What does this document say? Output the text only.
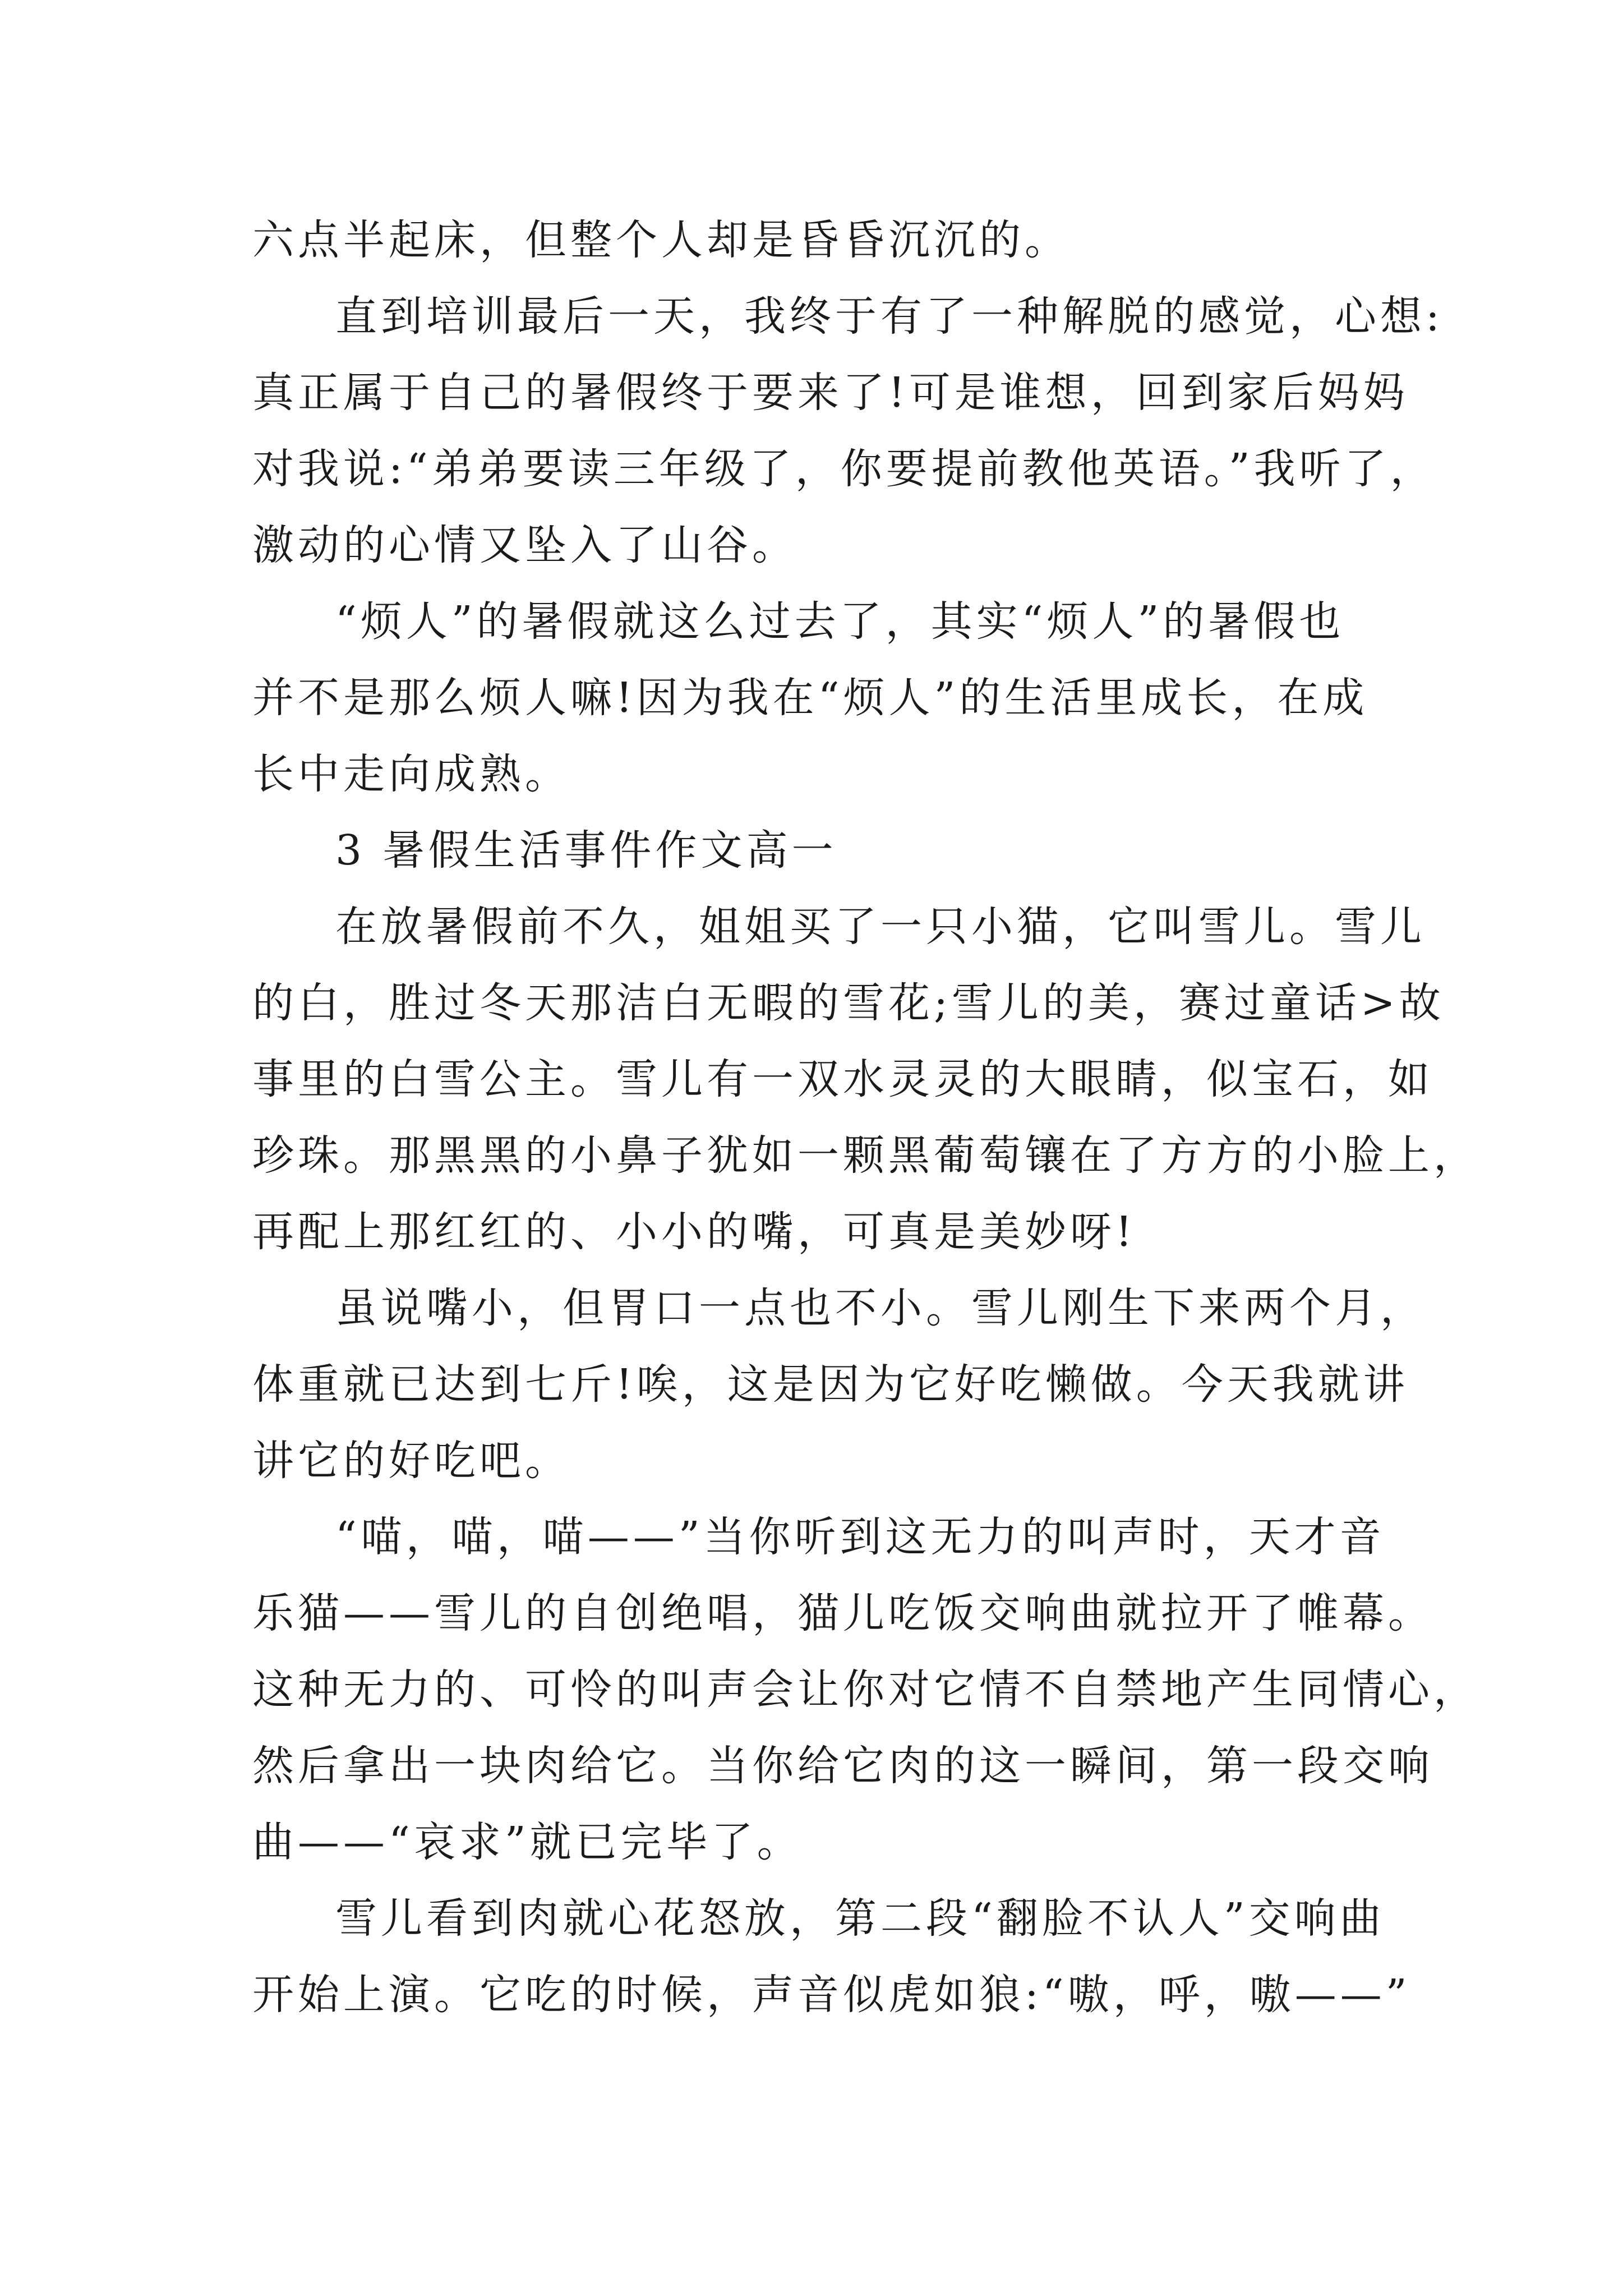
六点半起床，但整个人却是昏昏沉沉的。
直到培训最后一天，我终于有了一种解脱的感觉，心想:
真正属于自己的暑假终于要来了!可是谁想，回到家后妈妈
对我说:“弟弟要读三年级了，你要提前教他英语。”我听了，
激动的心情又坠入了山谷。
“烦人”的暑假就这么过去了，其实“烦人”的暑假也
并不是那么烦人嘛!因为我在“烦人”的生活里成长，在成
长中走向成熟。
3 暑假生活事件作文高一
在放暑假前不久，姐姐买了一只小猫，它叫雪儿。雪儿
的白，胜过冬天那洁白无暇的雪花;雪儿的美，赛过童话>故
事里的白雪公主。雪儿有一双水灵灵的大眼睛，似宝石，如
珍珠。那黑黑的小鼻子犹如一颗黑葡萄镶在了方方的小脸上，
再配上那红红的、小小的嘴，可真是美妙呀!
虽说嘴小，但胃口一点也不小。雪儿刚生下来两个月，
体重就已达到七斤!唉，这是因为它好吃懒做。今天我就讲
讲它的好吃吧。
“喵，喵，喵——”当你听到这无力的叫声时，天才音
乐猫——雪儿的自创绝唱，猫儿吃饭交响曲就拉开了帷幕。
这种无力的、可怜的叫声会让你对它情不自禁地产生同情心，
然后拿出一块肉给它。当你给它肉的这一瞬间，第一段交响
曲——“哀求”就已完毕了。
雪儿看到肉就心花怒放，第二段“翻脸不认人”交响曲
开始上演。它吃的时候，声音似虎如狼:“嗷，呼，嗷——”
